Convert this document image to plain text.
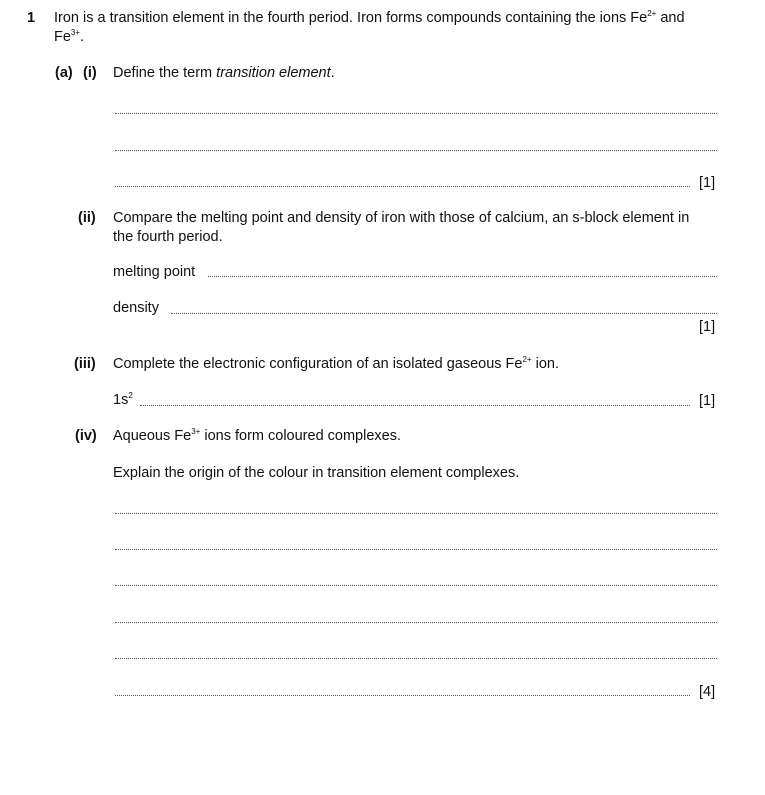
1 Iron is a transition element in the fourth period. Iron forms compounds containing the ions $Fe^{2+}$ and
$Fe^{3+}$.
(a) (i) Define the term transition element.
[1]
(ii) Compare the melting point and density of iron with those of calcium, an s-block element in
the fourth period.
melting point
density
[1]
(iii) Complete the electronic configuration of an isolated gaseous $Fe^{2+}$ ion.
$1s^2$	[1]
(iv) Aqueous $Fe^{3+}$ ions form coloured complexes.
Explain the origin of the colour in transition element complexes.
[4]
